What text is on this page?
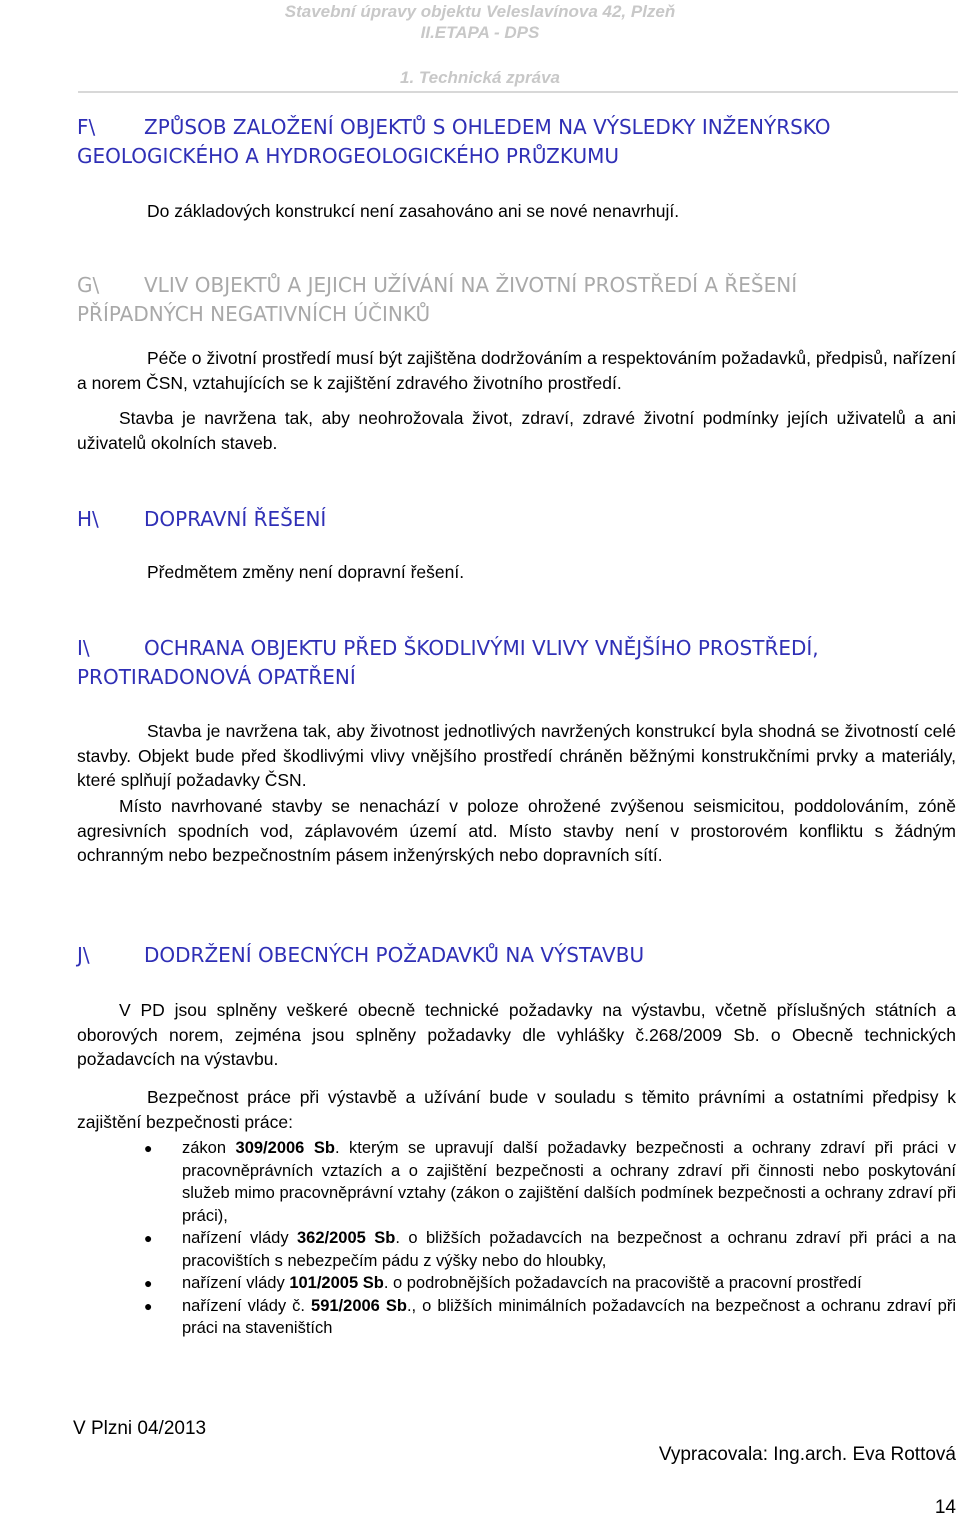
Stavební úpravy objektu Veleslavínova 42, Plzeň
II.ETAPA - DPS
1. Technická zpráva
F\ ZPŮSOB ZALOŽENÍ OBJEKTŮ S OHLEDEM NA VÝSLEDKY INŽENÝRSKO
GEOLOGICKÉHO A HYDROGEOLOGICKÉHO PRŮZKUMU
Do základových konstrukcí není zasahováno ani se nové nenavrhují.
G\ VLIV OBJEKTŮ A JEJICH UŽÍVÁNÍ NA ŽIVOTNÍ PROSTŘEDÍ A ŘEŠENÍ
PŘÍPADNÝCH NEGATIVNÍCH ÚČINKŮ
Péče o životní prostředí musí být zajištěna dodržováním a respektováním požadavků, předpisů, nařízení a norem ČSN, vztahujících se k zajištění zdravého životního prostředí.
Stavba je navržena tak, aby neohrožovala život, zdraví, zdravé životní podmínky jejích uživatelů a ani uživatelů okolních staveb.
H\ DOPRAVNÍ ŘEŠENÍ
Předmětem změny není dopravní řešení.
I\	OCHRANA OBJEKTU PŘED ŠKODLIVÝMI VLIVY VNĚJŠÍHO PROSTŘEDÍ,
PROTIRADONOVÁ OPATŘENÍ
Stavba je navržena tak, aby životnost jednotlivých navržených konstrukcí byla shodná se životností celé stavby. Objekt bude před škodlivými vlivy vnějšího prostředí chráněn běžnými konstrukčními prvky a materiály, které splňují požadavky ČSN.
Místo navrhované stavby se nenachází v poloze ohrožené zvýšenou seismicitou, poddolováním, zóně agresivních spodních vod, záplavovém území atd. Místo stavby není v prostorovém konfliktu s žádným ochranným nebo bezpečnostním pásem inženýrských nebo dopravních sítí.
J\	DODRŽENÍ OBECNÝCH POŽADAVKŮ NA VÝSTAVBU
V PD jsou splněny veškeré obecně technické požadavky na výstavbu, včetně příslušných státních a oborových norem, zejména jsou splněny požadavky dle vyhlášky č.268/2009 Sb. o Obecně technických požadavcích na výstavbu.
Bezpečnost práce při výstavbě a užívání bude v souladu s těmito právními a ostatními předpisy k zajištění bezpečnosti práce:
● zákon 309/2006 Sb. kterým se upravují další požadavky bezpečnosti a ochrany zdraví při práci v pracovněprávních vztazích a o zajištění bezpečnosti a ochrany zdraví při činnosti nebo poskytování služeb mimo pracovněprávní vztahy (zákon o zajištění dalších podmínek bezpečnosti a ochrany zdraví při práci),
● nařízení vlády 362/2005 Sb. o bližších požadavcích na bezpečnost a ochranu zdraví při práci a na pracovištích s nebezpečím pádu z výšky nebo do hloubky,
● nařízení vlády 101/2005 Sb. o podrobnějších požadavcích na pracoviště a pracovní prostředí
● nařízení vlády č. 591/2006 Sb., o bližších minimálních požadavcích na bezpečnost a ochranu zdraví při práci na staveništích
V Plzni 04/2013
Vypracovala: Ing.arch. Eva Rottová
14
